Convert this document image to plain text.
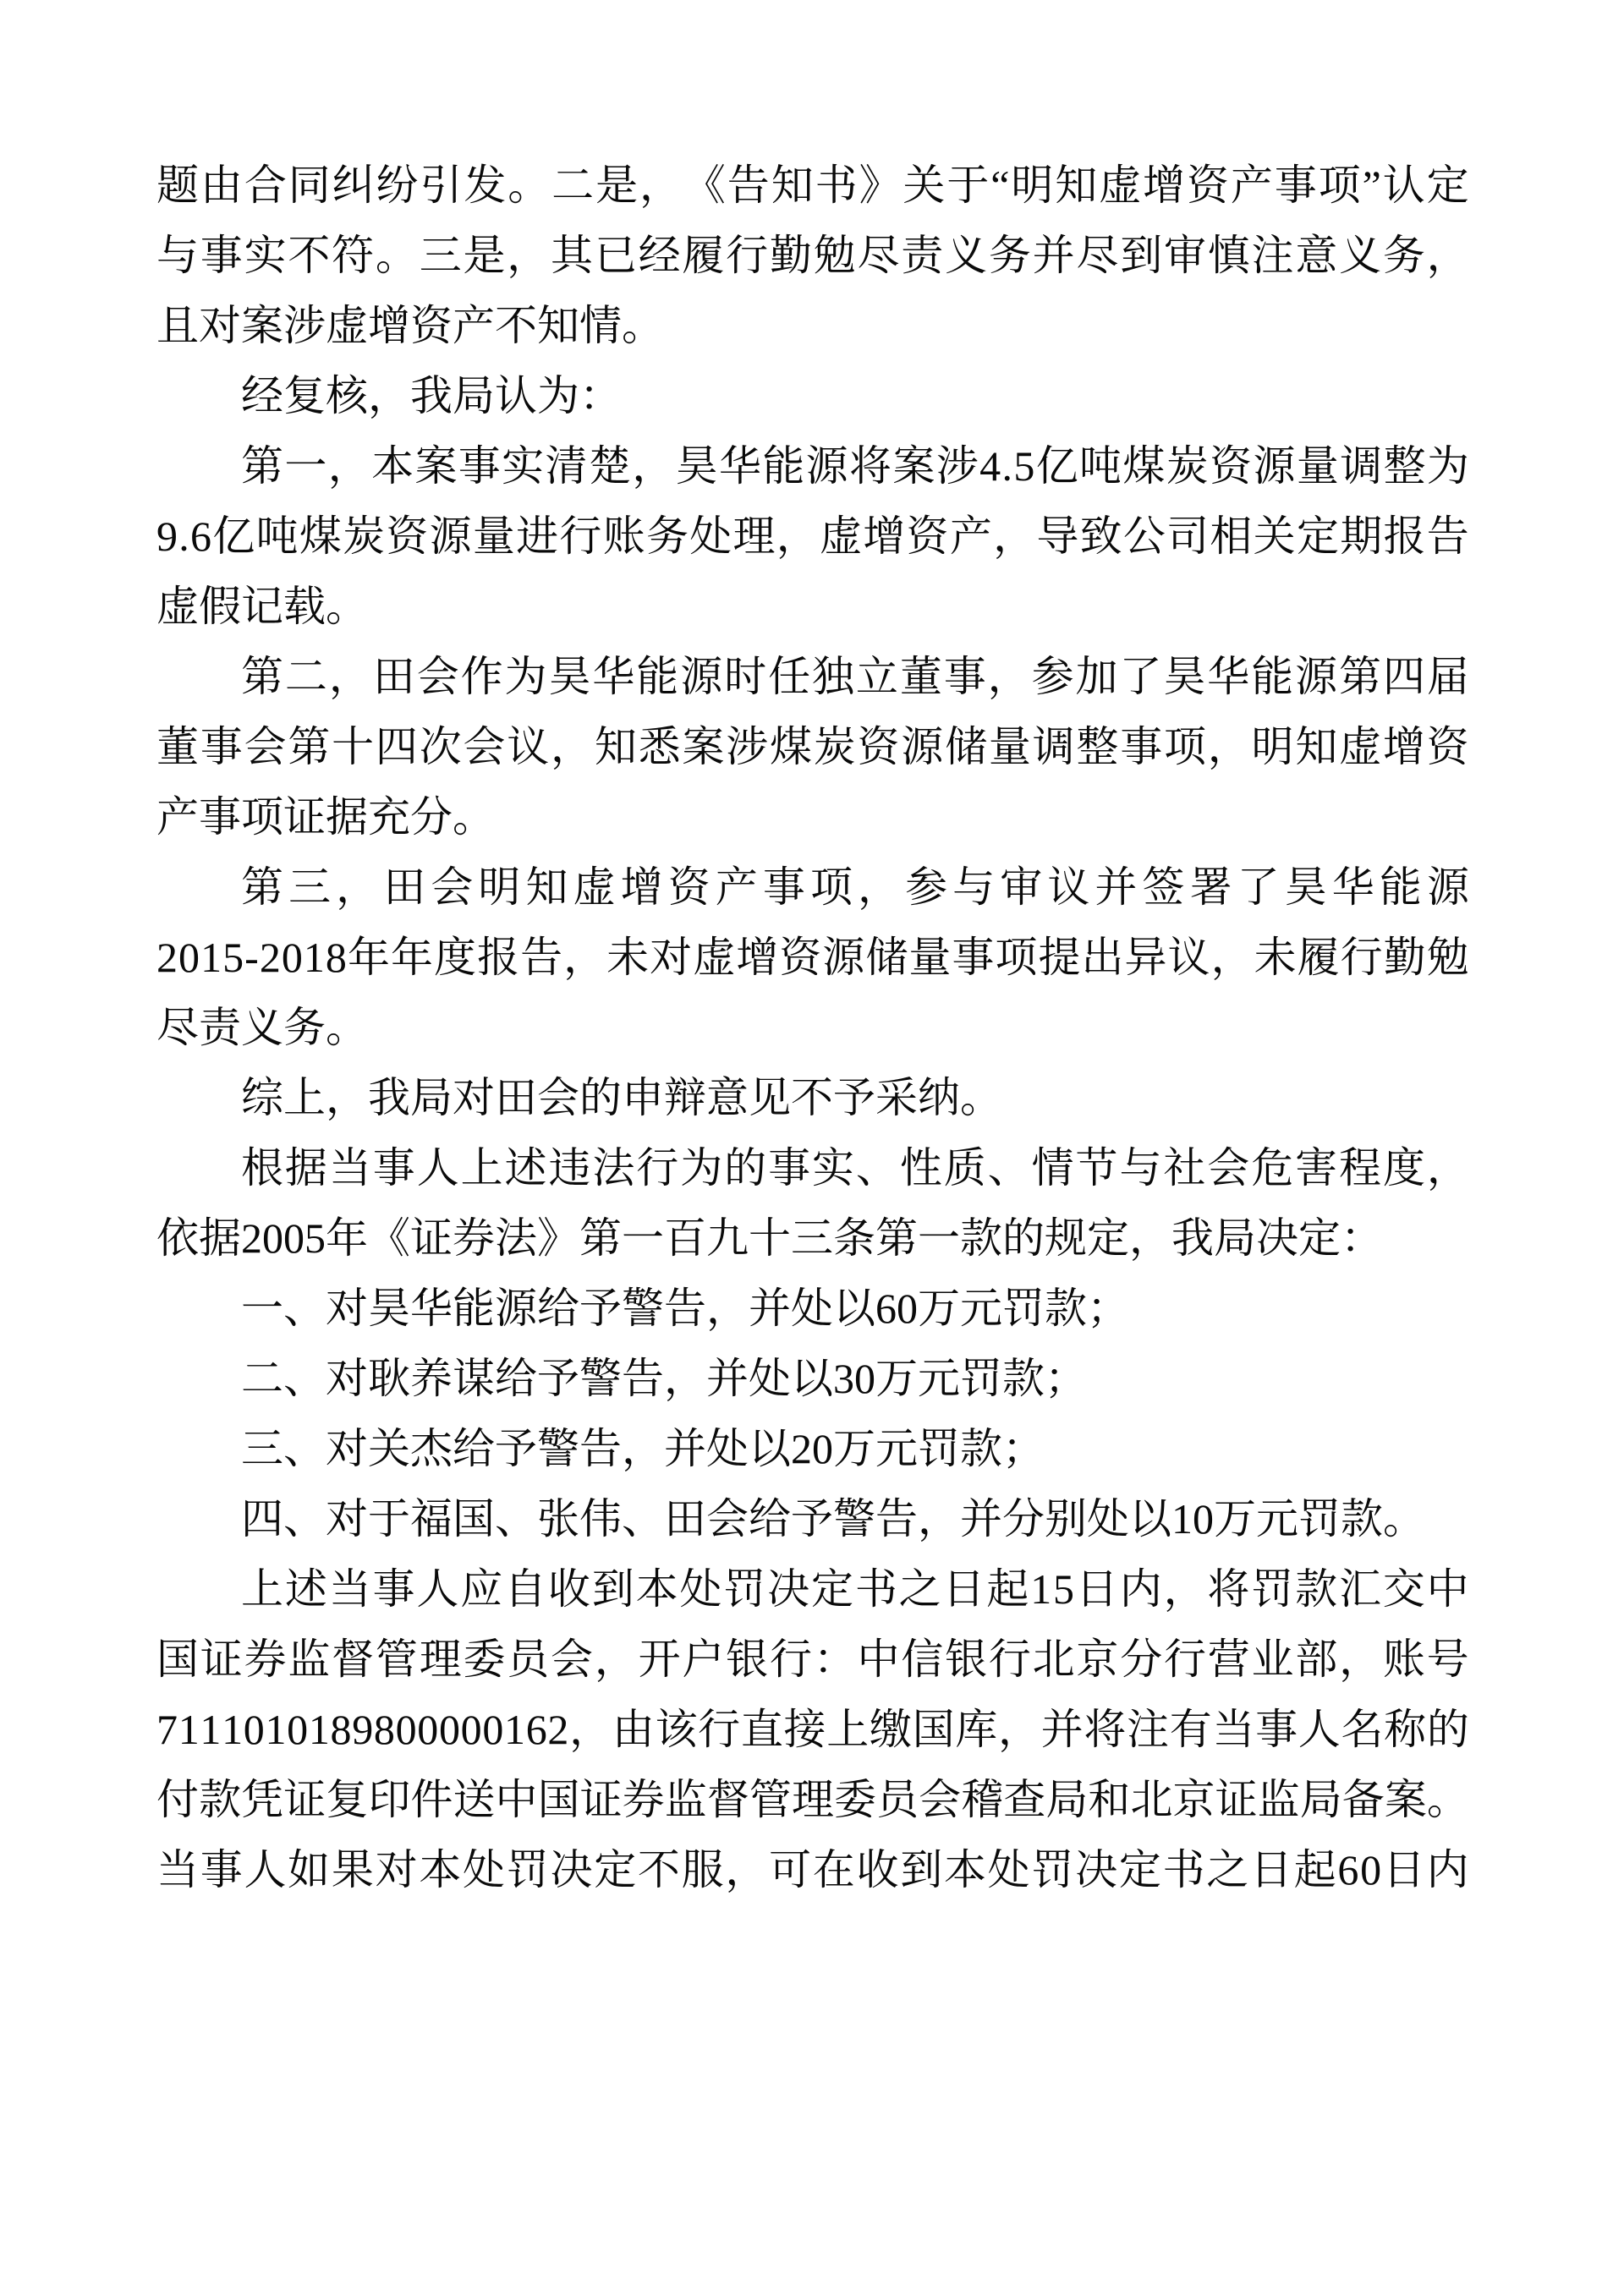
题 由 合 同 纠 纷 引 发 。 二 是 ， 《 告 知 书 》 关 于 “ 明 知 虚 增 资 产 事 项 ” 认 定
与 事 实 不 符 。 三 是 ， 其 已 经 履 行 勤 勉 尽 责 义 务 并 尽 到 审 慎 注 意 义 务 ，
且对案涉虚增资产不知情。
经复核，我局认为：
第 一 ， 本 案 事 实 清 楚 ， 昊 华 能 源 将 案 涉 4 . 5 亿 吨 煤 炭 资 源 量 调 整 为
9 . 6 亿 吨 煤 炭 资 源 量 进 行 账 务 处 理 ， 虚 增 资 产 ， 导 致 公 司 相 关 定 期 报 告
虚假记载。
第 二 ， 田 会 作 为 昊 华 能 源 时 任 独 立 董 事 ， 参 加 了 昊 华 能 源 第 四 届
董 事 会 第 十 四 次 会 议 ， 知 悉 案 涉 煤 炭 资 源 储 量 调 整 事 项 ， 明 知 虚 增 资
产事项证据充分。
第 三 ， 田 会 明 知 虚 增 资 产 事 项 ， 参 与 审 议 并 签 署 了 昊 华 能 源
2 0 1 5 - 2 0 1 8 年 年 度 报 告 ， 未 对 虚 增 资 源 储 量 事 项 提 出 异 议 ， 未 履 行 勤 勉
尽责义务。
综上，我局对田会的申辩意见不予采纳。
根 据 当 事 人 上 述 违 法 行 为 的 事 实 、 性 质 、 情 节 与 社 会 危 害 程 度 ，
依据2005年《证券法》第一百九十三条第一款的规定，我局决定：
一、对昊华能源给予警告，并处以60万元罚款；
二、对耿养谋给予警告，并处以30万元罚款；
三、对关杰给予警告，并处以20万元罚款；
四、对于福国、张伟、田会给予警告，并分别处以10万元罚款。
上 述 当 事 人 应 自 收 到 本 处 罚 决 定 书 之 日 起 1 5 日 内 ， 将 罚 款 汇 交 中
国 证 券 监 督 管 理 委 员 会 ， 开 户 银 行 ： 中 信 银 行 北 京 分 行 营 业 部 ， 账 号
7 1 1 1 0 1 0 1 8 9 8 0 0 0 0 0 1 6 2 ， 由 该 行 直 接 上 缴 国 库 ， 并 将 注 有 当 事 人 名 称 的
付 款 凭 证 复 印 件 送 中 国 证 券 监 督 管 理 委 员 会 稽 查 局 和 北 京 证 监 局 备 案 。
当 事 人 如 果 对 本 处 罚 决 定 不 服 ， 可 在 收 到 本 处 罚 决 定 书 之 日 起 6 0 日 内
